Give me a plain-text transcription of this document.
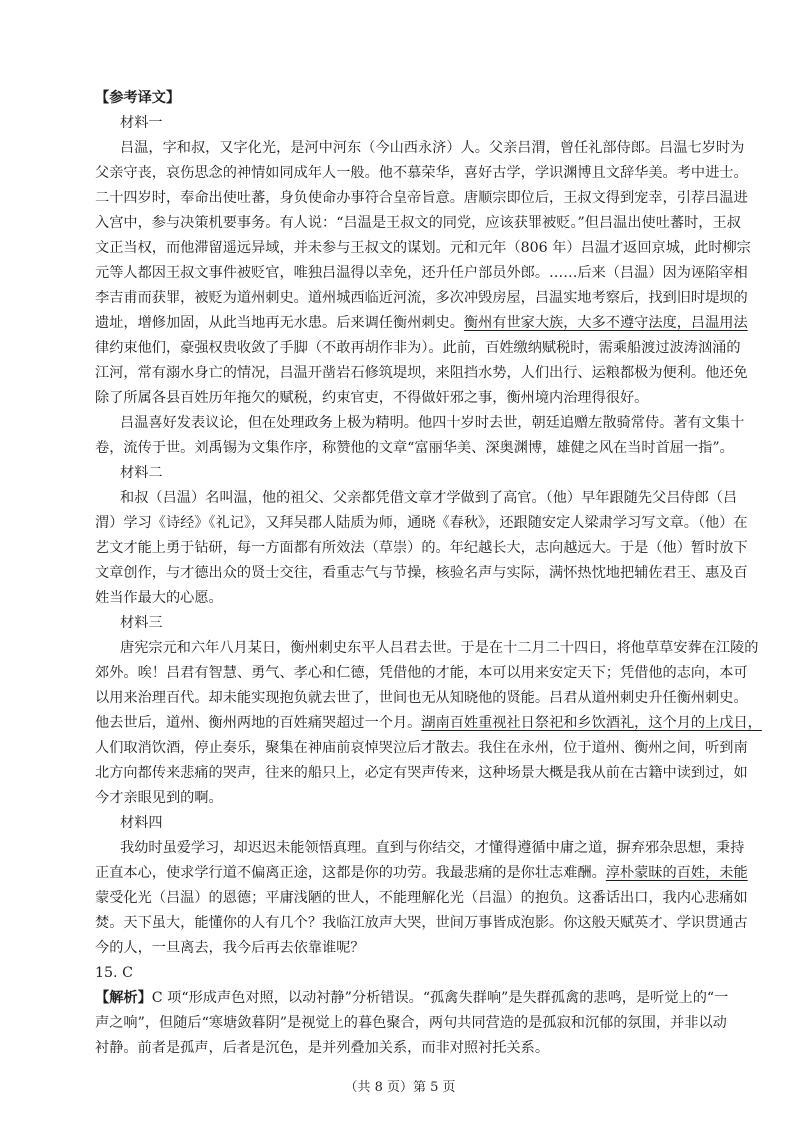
【参考译文】
材料一
吕温，字和叔，又字化光，是河中河东（今山西永济）人。父亲吕渭，曾任礼部侍郎。吕温七岁时为
父亲守丧，哀伤思念的神情如同成年人一般。他不慕荣华，喜好古学，学识渊博且文辞华美。考中进士。
二十四岁时，奉命出使吐蕃，身负使命办事符合皇帝旨意。唐顺宗即位后，王叔文得到宠幸，引荐吕温进
入宫中，参与决策机要事务。有人说：“吕温是王叔文的同党，应该获罪被贬。”但吕温出使吐蕃时，王叔
文正当权，而他滞留遥远异域，并未参与王叔文的谋划。元和元年（806 年）吕温才返回京城，此时柳宗
元等人都因王叔文事件被贬官，唯独吕温得以幸免，还升任户部员外郎。……后来（吕温）因为诬陷宰相
李吉甫而获罪，被贬为道州刺史。道州城西临近河流，多次冲毁房屋，吕温实地考察后，找到旧时堤坝的
遗址，增修加固，从此当地再无水患。后来调任衡州刺史。衡州有世家大族，大多不遵守法度，吕温用法
律约束他们，豪强权贵收敛了手脚（不敢再胡作非为）。此前，百姓缴纳赋税时，需乘船渡过波涛汹涌的
江河，常有溺水身亡的情况，吕温开凿岩石修筑堤坝，来阻挡水势，人们出行、运粮都极为便利。他还免
除了所属各县百姓历年拖欠的赋税，约束官吏，不得做奸邪之事，衡州境内治理得很好。
吕温喜好发表议论，但在处理政务上极为精明。他四十岁时去世，朝廷追赠左散骑常侍。著有文集十
卷，流传于世。刘禹锡为文集作序，称赞他的文章“富丽华美、深奥渊博，雄健之风在当时首屈一指”。
材料二
和叔（吕温）名叫温，他的祖父、父亲都凭借文章才学做到了高官。（他）早年跟随先父吕侍郎（吕
渭）学习《诗经》《礼记》，又拜吴郡人陆质为师，通晓《春秋》，还跟随安定人梁肃学习写文章。（他）在
艺文才能上勇于钻研，每一方面都有所效法（草崇）的。年纪越长大，志向越远大。于是（他）暂时放下
文章创作，与才德出众的贤士交往，看重志气与节操，核验名声与实际，满怀热忱地把辅佐君王、惠及百
姓当作最大的心愿。
材料三
唐宪宗元和六年八月某日，衡州刺史东平人吕君去世。于是在十二月二十四日，将他草草安葬在江陵的
郊外。唉！吕君有智慧、勇气、孝心和仁德，凭借他的才能，本可以用来安定天下；凭借他的志向，本可
以用来治理百代。却未能实现抱负就去世了，世间也无从知晓他的贤能。吕君从道州刺史升任衡州刺史。
他去世后，道州、衡州两地的百姓痛哭超过一个月。湖南百姓重视社日祭祀和乡饮酒礼，这个月的上戊日，
人们取消饮酒，停止奏乐，聚集在神庙前哀悼哭泣后才散去。我住在永州，位于道州、衡州之间，听到南
北方向都传来悲痛的哭声，往来的船只上，必定有哭声传来，这种场景大概是我从前在古籍中读到过，如
今才亲眼见到的啊。
材料四
我幼时虽爱学习，却迟迟未能领悟真理。直到与你结交，才懂得遵循中庸之道，摒弃邪杂思想，秉持
正直本心，使求学行道不偏离正途，这都是你的功劳。我最悲痛的是你壮志难酬。淳朴蒙昧的百姓，未能
蒙受化光（吕温）的恩德；平庸浅陋的世人，不能理解化光（吕温）的抱负。这番话出口，我内心悲痛如
焚。天下虽大，能懂你的人有几个？我临江放声大哭，世间万事皆成泡影。你这般天赋英才、学识贯通古
今的人，一旦离去，我今后再去依靠谁呢？
15. C
【解析】C 项“形成声色对照，以动衬静”分析错误。“孤禽失群响”是失群孤禽的悲鸣，是听觉上的“一
声之响”，但随后“寒塘敛暮阴”是视觉上的暮色聚合，两句共同营造的是孤寂和沉郁的氛围，并非以动
衬静。前者是孤声，后者是沉色，是并列叠加关系，而非对照衬托关系。
（共 8 页）第 5 页
